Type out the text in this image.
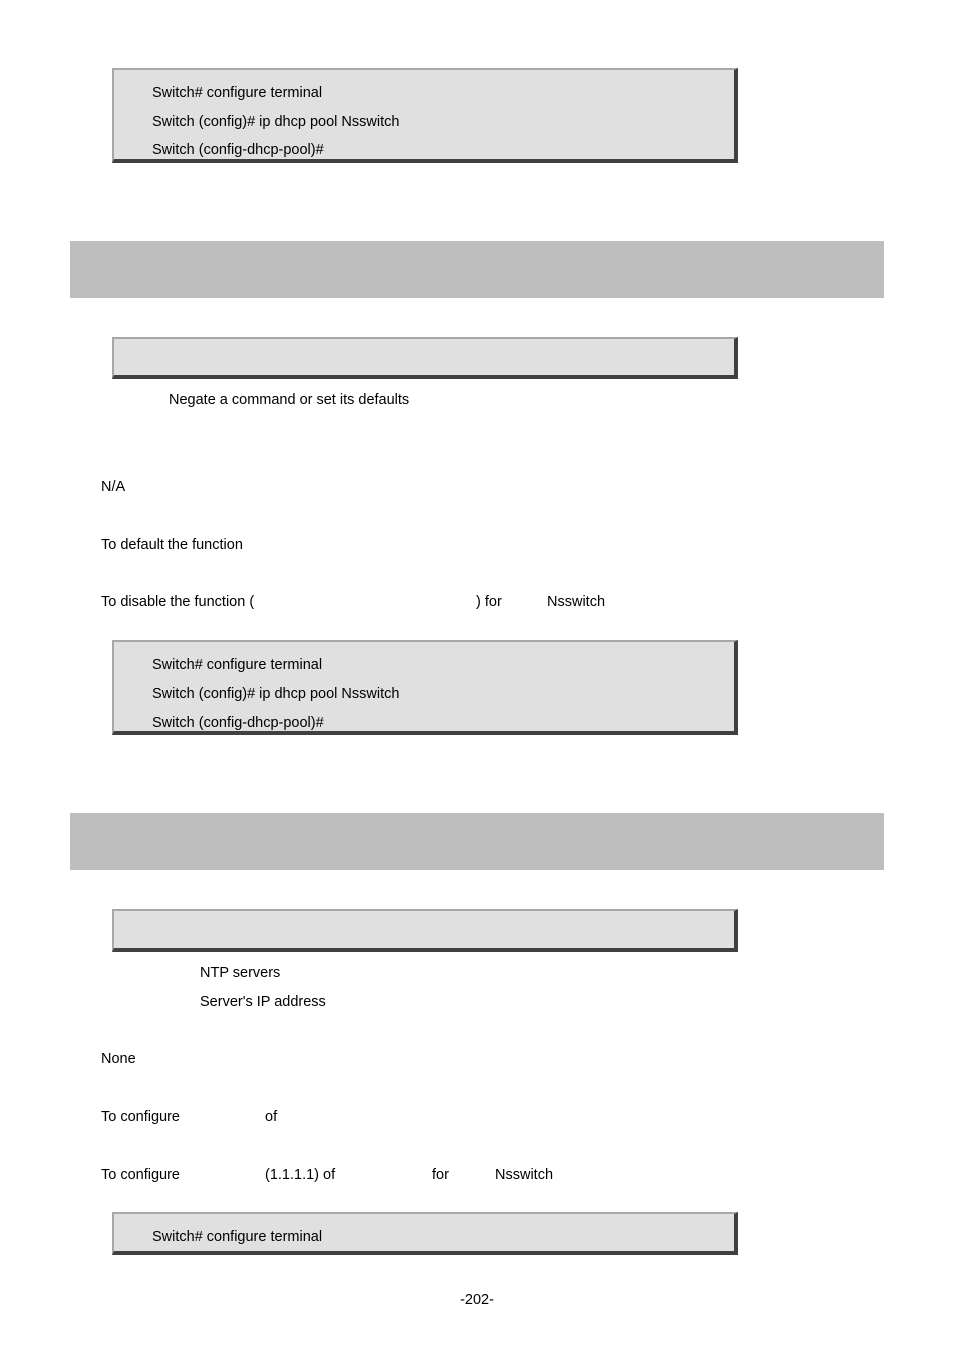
Switch# configure terminal
Switch (config)# ip dhcp pool Nsswitch
Switch (config-dhcp-pool)#
Negate a command or set its defaults
N/A
To default the function
To disable the function (	) for	Nsswitch
Switch# configure terminal
Switch (config)# ip dhcp pool Nsswitch
Switch (config-dhcp-pool)#
NTP servers
Server's IP address
None
To configure	of
To configure	(1.1.1.1) of	for	Nsswitch
Switch# configure terminal
-202-
